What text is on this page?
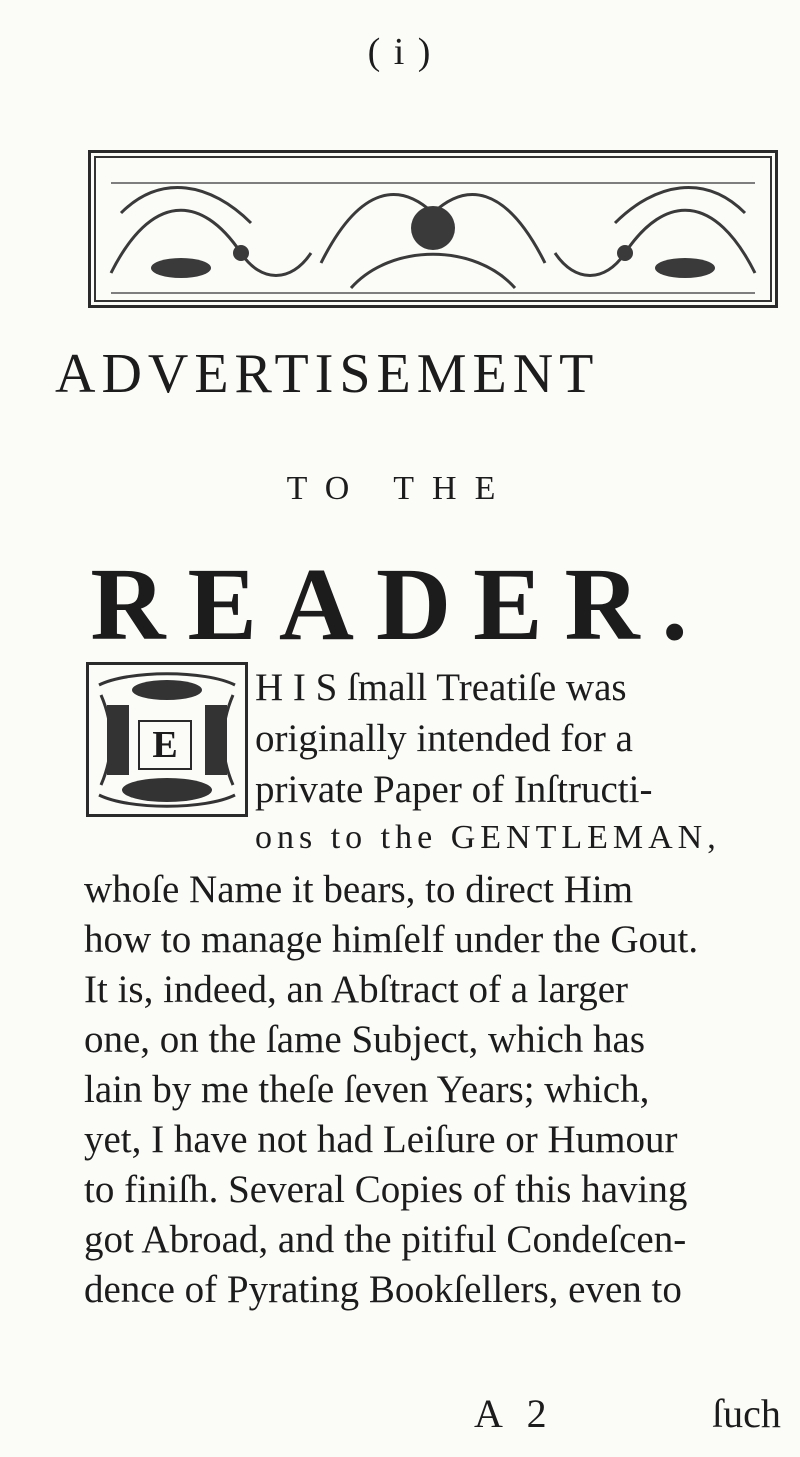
( i )
ADVERTISEMENT
TO THE
READER.
E
H I S ſmall Treatiſe was
originally intended for a
private Paper of Inſtructi-
ons to the GENTLEMAN,
whoſe Name it bears, to direct Him
how to manage himſelf under the Gout.
It is, indeed, an Abſtract of a larger
one, on the ſame Subject, which has
lain by me theſe ſeven Years; which,
yet, I have not had Leiſure or Humour
to finiſh. Several Copies of this having
got Abroad, and the pitiful Condeſcen-
dence of Pyrating Bookſellers, even to
A 2	ſuch
